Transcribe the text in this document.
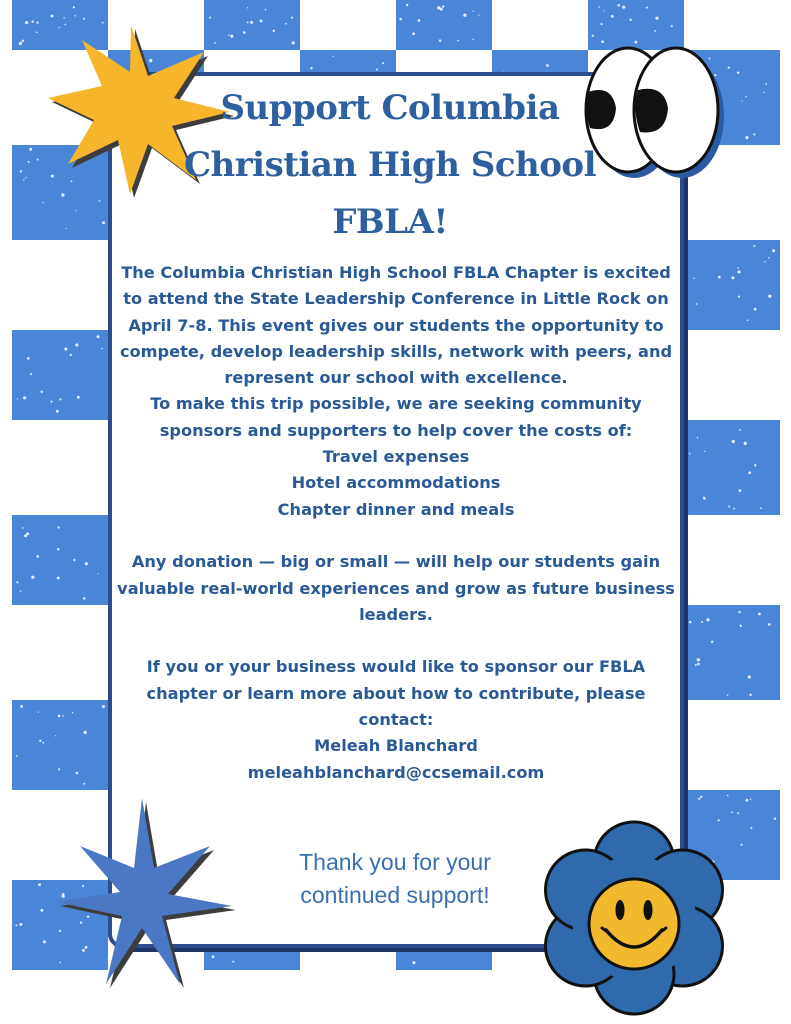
Support Columbia
Christian High School
FBLA!

The Columbia Christian High School FBLA Chapter is excited to attend the State Leadership Conference in Little Rock on April 7-8. This event gives our students the opportunity to compete, develop leadership skills, network with peers, and represent our school with excellence.

To make this trip possible, we are seeking community sponsors and supporters to help cover the costs of:

Travel expenses

Hotel accommodations

Chapter dinner and meals

Any donation — big or small — will help our students gain valuable real-world experiences and grow as future business leaders.

If you or your business would like to sponsor our FBLA chapter or learn more about how to contribute, please contact:

Meleah Blanchard

meleahblanchard@ccsemail.com

Thank you for your
continued support!
